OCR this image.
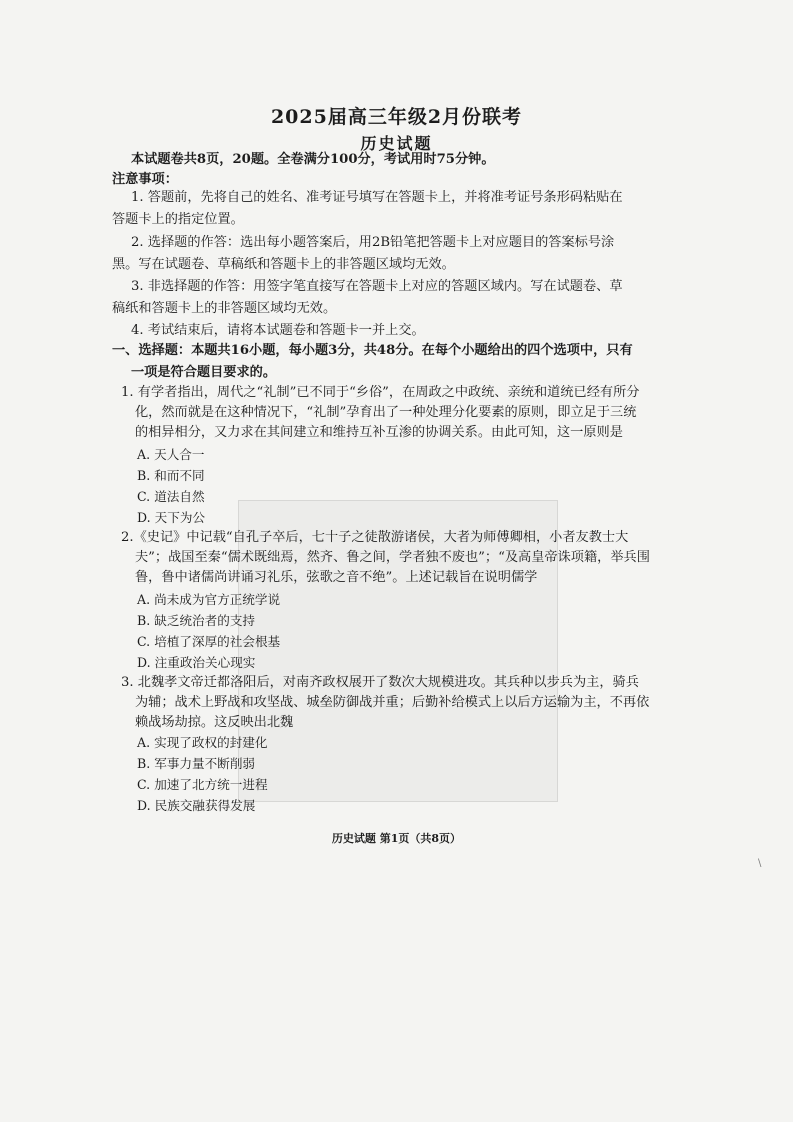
2025届高三年级2月份联考
历史试题
本试题卷共8页，20题。全卷满分100分，考试用时75分钟。
注意事项：
1. 答题前，先将自己的姓名、准考证号填写在答题卡上，并将准考证号条形码粘贴在
答题卡上的指定位置。
2. 选择题的作答：选出每小题答案后，用2B铅笔把答题卡上对应题目的答案标号涂
黑。写在试题卷、草稿纸和答题卡上的非答题区域均无效。
3. 非选择题的作答：用签字笔直接写在答题卡上对应的答题区域内。写在试题卷、草
稿纸和答题卡上的非答题区域均无效。
4. 考试结束后，请将本试题卷和答题卡一并上交。
一、选择题：本题共16小题，每小题3分，共48分。在每个小题给出的四个选项中，只有
一项是符合题目要求的。
1. 有学者指出，周代之“礼制”已不同于“乡俗”，在周政之中政统、亲统和道统已经有所分
化，然而就是在这种情况下，“礼制”孕育出了一种处理分化要素的原则，即立足于三统
的相异相分，又力求在其间建立和维持互补互渗的协调关系。由此可知，这一原则是
A. 天人合一
B. 和而不同
C. 道法自然
D. 天下为公
2.《史记》中记载“自孔子卒后，七十子之徒散游诸侯，大者为师傅卿相，小者友教士大
夫”；战国至秦“儒术既绌焉，然齐、鲁之间，学者独不废也”；“及高皇帝诛项籍，举兵围
鲁，鲁中诸儒尚讲诵习礼乐，弦歌之音不绝”。上述记载旨在说明儒学
A. 尚未成为官方正统学说
B. 缺乏统治者的支持
C. 培植了深厚的社会根基
D. 注重政治关心现实
3. 北魏孝文帝迁都洛阳后，对南齐政权展开了数次大规模进攻。其兵种以步兵为主，骑兵
为辅；战术上野战和攻坚战、城垒防御战并重；后勤补给模式上以后方运输为主，不再依
赖战场劫掠。这反映出北魏
A. 实现了政权的封建化
B. 军事力量不断削弱
C. 加速了北方统一进程
D. 民族交融获得发展
历史试题 第1页（共8页）
\
